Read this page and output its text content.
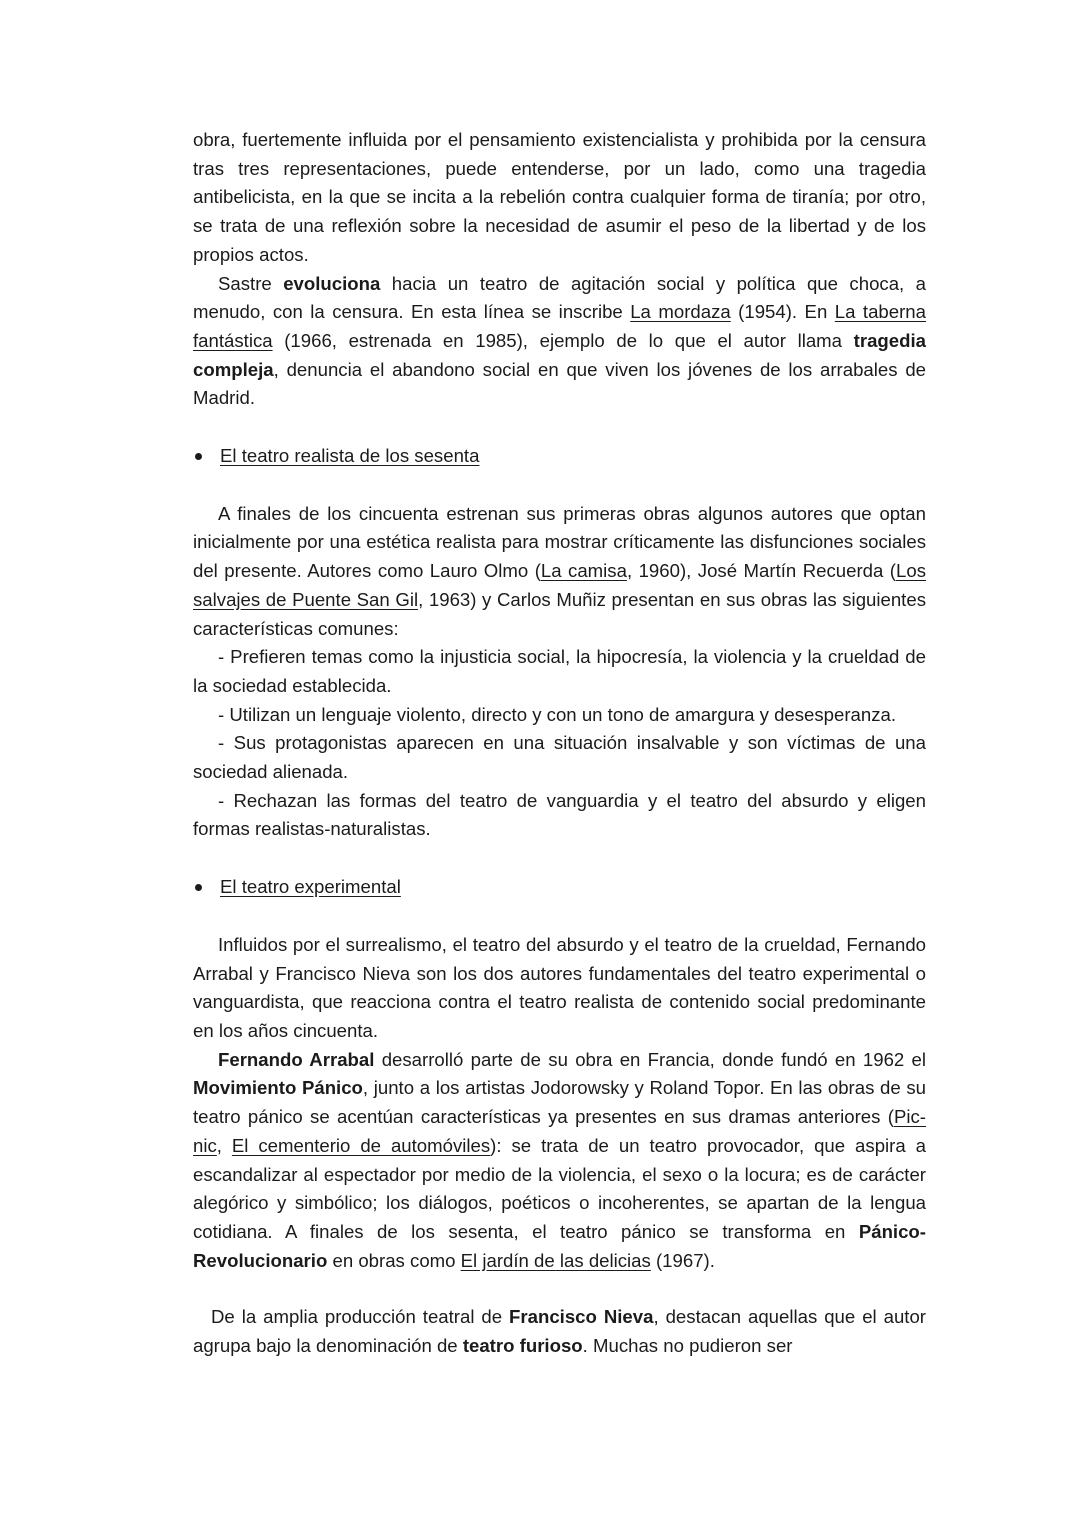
obra, fuertemente influida por el pensamiento existencialista y prohibida por la censura tras tres representaciones, puede entenderse, por un lado, como una tragedia antibelicista, en la que se incita a la rebelión contra cualquier forma de tiranía; por otro, se trata de una reflexión sobre la necesidad de asumir el peso de la libertad y de los propios actos.

Sastre evoluciona hacia un teatro de agitación social y política que choca, a menudo, con la censura. En esta línea se inscribe La mordaza (1954). En La taberna fantástica (1966, estrenada en 1985), ejemplo de lo que el autor llama tragedia compleja, denuncia el abandono social en que viven los jóvenes de los arrabales de Madrid.

El teatro realista de los sesenta

A finales de los cincuenta estrenan sus primeras obras algunos autores que optan inicialmente por una estética realista para mostrar críticamente las disfunciones sociales del presente. Autores como Lauro Olmo (La camisa, 1960), José Martín Recuerda (Los salvajes de Puente San Gil, 1963) y Carlos Muñiz presentan en sus obras las siguientes características comunes:

- Prefieren temas como la injusticia social, la hipocresía, la violencia y la crueldad de la sociedad establecida.

- Utilizan un lenguaje violento, directo y con un tono de amargura y desesperanza.

- Sus protagonistas aparecen en una situación insalvable y son víctimas de una sociedad alienada.

- Rechazan las formas del teatro de vanguardia y el teatro del absurdo y eligen formas realistas-naturalistas.

El teatro experimental

Influidos por el surrealismo, el teatro del absurdo y el teatro de la crueldad, Fernando Arrabal y Francisco Nieva son los dos autores fundamentales del teatro experimental o vanguardista, que reacciona contra el teatro realista de contenido social predominante en los años cincuenta.

Fernando Arrabal desarrolló parte de su obra en Francia, donde fundó en 1962 el Movimiento Pánico, junto a los artistas Jodorowsky y Roland Topor. En las obras de su teatro pánico se acentúan características ya presentes en sus dramas anteriores (Pic-nic, El cementerio de automóviles): se trata de un teatro provocador, que aspira a escandalizar al espectador por medio de la violencia, el sexo o la locura; es de carácter alegórico y simbólico; los diálogos, poéticos o incoherentes, se apartan de la lengua cotidiana. A finales de los sesenta, el teatro pánico se transforma en Pánico-Revolucionario en obras como El jardín de las delicias (1967).

De la amplia producción teatral de Francisco Nieva, destacan aquellas que el autor agrupa bajo la denominación de teatro furioso. Muchas no pudieron ser
